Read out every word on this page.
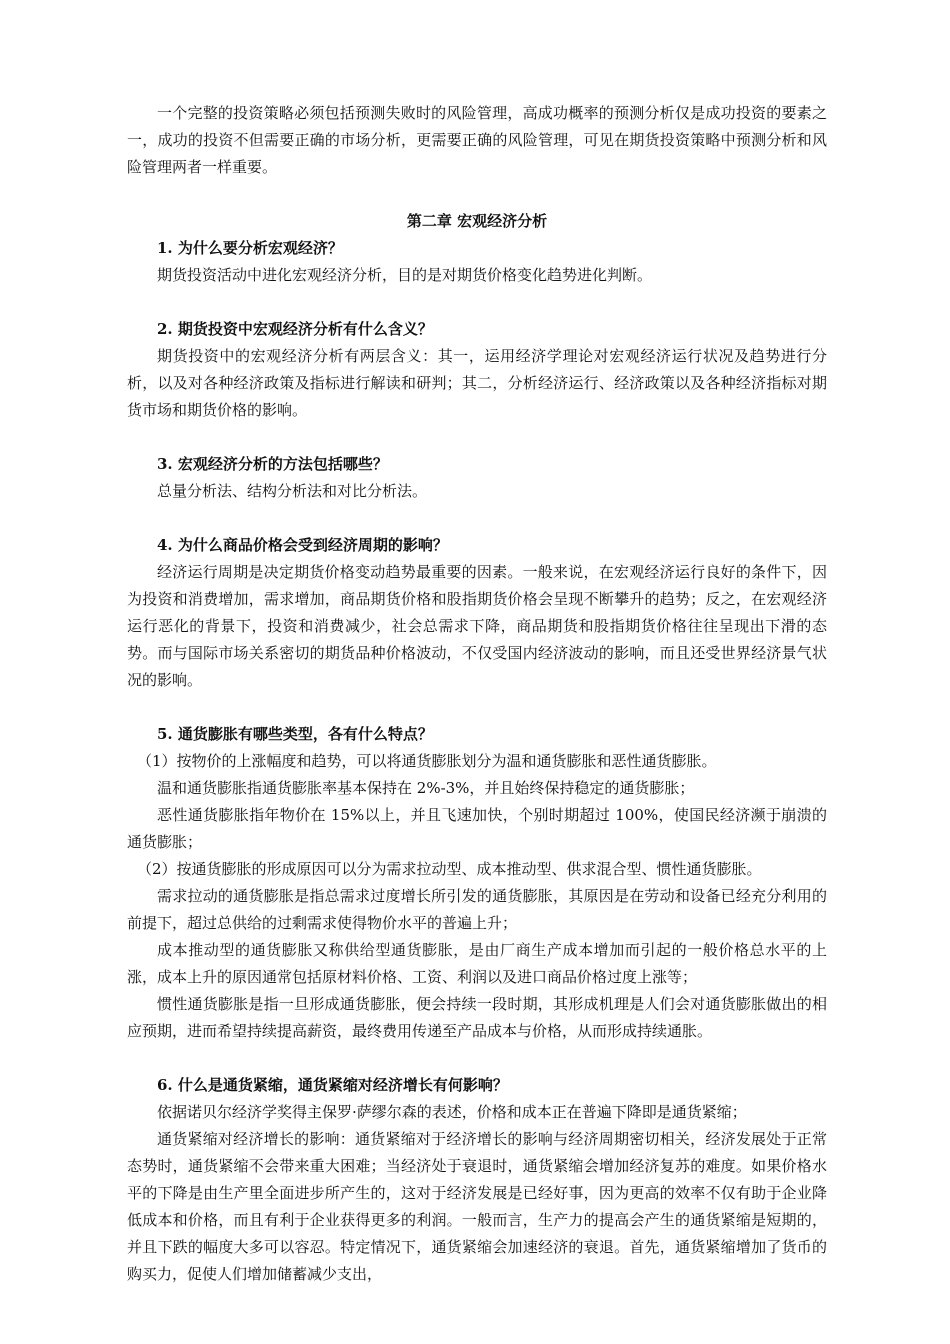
一个完整的投资策略必须包括预测失败时的风险管理，高成功概率的预测分析仅是成功投资的要素之一，成功的投资不但需要正确的市场分析，更需要正确的风险管理，可见在期货投资策略中预测分析和风险管理两者一样重要。

第二章 宏观经济分析

1. 为什么要分析宏观经济？

期货投资活动中进化宏观经济分析，目的是对期货价格变化趋势进化判断。

2. 期货投资中宏观经济分析有什么含义？

期货投资中的宏观经济分析有两层含义：其一，运用经济学理论对宏观经济运行状况及趋势进行分析，以及对各种经济政策及指标进行解读和研判；其二，分析经济运行、经济政策以及各种经济指标对期货市场和期货价格的影响。

3. 宏观经济分析的方法包括哪些？

总量分析法、结构分析法和对比分析法。

4. 为什么商品价格会受到经济周期的影响？

经济运行周期是决定期货价格变动趋势最重要的因素。一般来说，在宏观经济运行良好的条件下，因为投资和消费增加，需求增加，商品期货价格和股指期货价格会呈现不断攀升的趋势；反之，在宏观经济运行恶化的背景下，投资和消费减少，社会总需求下降，商品期货和股指期货价格往往呈现出下滑的态势。而与国际市场关系密切的期货品种价格波动，不仅受国内经济波动的影响，而且还受世界经济景气状况的影响。

5. 通货膨胀有哪些类型，各有什么特点？

（1）按物价的上涨幅度和趋势，可以将通货膨胀划分为温和通货膨胀和恶性通货膨胀。

温和通货膨胀指通货膨胀率基本保持在 2%-3%，并且始终保持稳定的通货膨胀；

恶性通货膨胀指年物价在 15%以上，并且飞速加快，个别时期超过 100%，使国民经济濒于崩溃的通货膨胀；

（2）按通货膨胀的形成原因可以分为需求拉动型、成本推动型、供求混合型、惯性通货膨胀。

需求拉动的通货膨胀是指总需求过度增长所引发的通货膨胀，其原因是在劳动和设备已经充分利用的前提下，超过总供给的过剩需求使得物价水平的普遍上升；

成本推动型的通货膨胀又称供给型通货膨胀，是由厂商生产成本增加而引起的一般价格总水平的上涨，成本上升的原因通常包括原材料价格、工资、利润以及进口商品价格过度上涨等；

惯性通货膨胀是指一旦形成通货膨胀，便会持续一段时期，其形成机理是人们会对通货膨胀做出的相应预期，进而希望持续提高薪资，最终费用传递至产品成本与价格，从而形成持续通胀。

6. 什么是通货紧缩，通货紧缩对经济增长有何影响？

依据诺贝尔经济学奖得主保罗·萨缪尔森的表述，价格和成本正在普遍下降即是通货紧缩；

通货紧缩对经济增长的影响：通货紧缩对于经济增长的影响与经济周期密切相关，经济发展处于正常态势时，通货紧缩不会带来重大困难；当经济处于衰退时，通货紧缩会增加经济复苏的难度。如果价格水平的下降是由生产里全面进步所产生的，这对于经济发展是已经好事，因为更高的效率不仅有助于企业降低成本和价格，而且有利于企业获得更多的利润。一般而言，生产力的提高会产生的通货紧缩是短期的，并且下跌的幅度大多可以容忍。特定情况下，通货紧缩会加速经济的衰退。首先，通货紧缩增加了货币的购买力，促使人们增加储蓄减少支出，
